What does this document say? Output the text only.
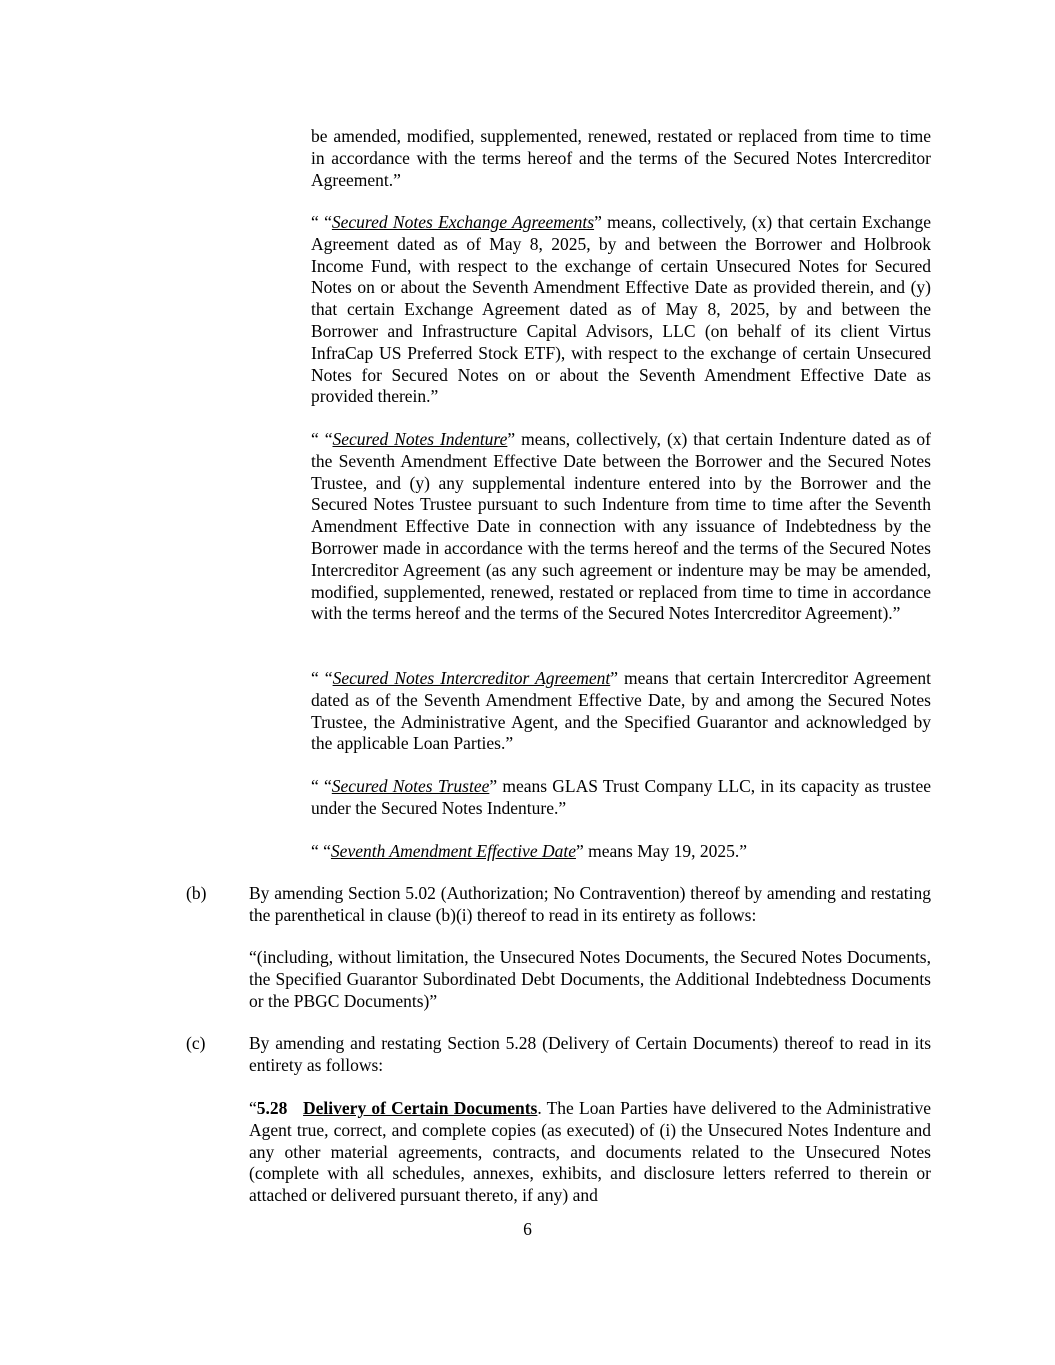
be amended, modified, supplemented, renewed, restated or replaced from time to time in accordance with the terms hereof and the terms of the Secured Notes Intercreditor Agreement.”

“ “Secured Notes Exchange Agreements” means, collectively, (x) that certain Exchange Agreement dated as of May 8, 2025, by and between the Borrower and Holbrook Income Fund, with respect to the exchange of certain Unsecured Notes for Secured Notes on or about the Seventh Amendment Effective Date as provided therein, and (y) that certain Exchange Agreement dated as of May 8, 2025, by and between the Borrower and Infrastructure Capital Advisors, LLC (on behalf of its client Virtus InfraCap US Preferred Stock ETF), with respect to the exchange of certain Unsecured Notes for Secured Notes on or about the Seventh Amendment Effective Date as provided therein.”

“ “Secured Notes Indenture” means, collectively, (x) that certain Indenture dated as of the Seventh Amendment Effective Date between the Borrower and the Secured Notes Trustee, and (y) any supplemental indenture entered into by the Borrower and the Secured Notes Trustee pursuant to such Indenture from time to time after the Seventh Amendment Effective Date in connection with any issuance of Indebtedness by the Borrower made in accordance with the terms hereof and the terms of the Secured Notes Intercreditor Agreement (as any such agreement or indenture may be may be amended, modified, supplemented, renewed, restated or replaced from time to time in accordance with the terms hereof and the terms of the Secured Notes Intercreditor Agreement).”

“ “Secured Notes Intercreditor Agreement” means that certain Intercreditor Agreement dated as of the Seventh Amendment Effective Date, by and among the Secured Notes Trustee, the Administrative Agent, and the Specified Guarantor and acknowledged by the applicable Loan Parties.”

“ “Secured Notes Trustee” means GLAS Trust Company LLC, in its capacity as trustee under the Secured Notes Indenture.”

“ “Seventh Amendment Effective Date” means May 19, 2025.”

(b) By amending Section 5.02 (Authorization; No Contravention) thereof by amending and restating the parenthetical in clause (b)(i) thereof to read in its entirety as follows:

“(including, without limitation, the Unsecured Notes Documents, the Secured Notes Documents, the Specified Guarantor Subordinated Debt Documents, the Additional Indebtedness Documents or the PBGC Documents)”

(c) By amending and restating Section 5.28 (Delivery of Certain Documents) thereof to read in its entirety as follows:

“5.28 Delivery of Certain Documents. The Loan Parties have delivered to the Administrative Agent true, correct, and complete copies (as executed) of (i) the Unsecured Notes Indenture and any other material agreements, contracts, and documents related to the Unsecured Notes (complete with all schedules, annexes, exhibits, and disclosure letters referred to therein or attached or delivered pursuant thereto, if any) and

6
